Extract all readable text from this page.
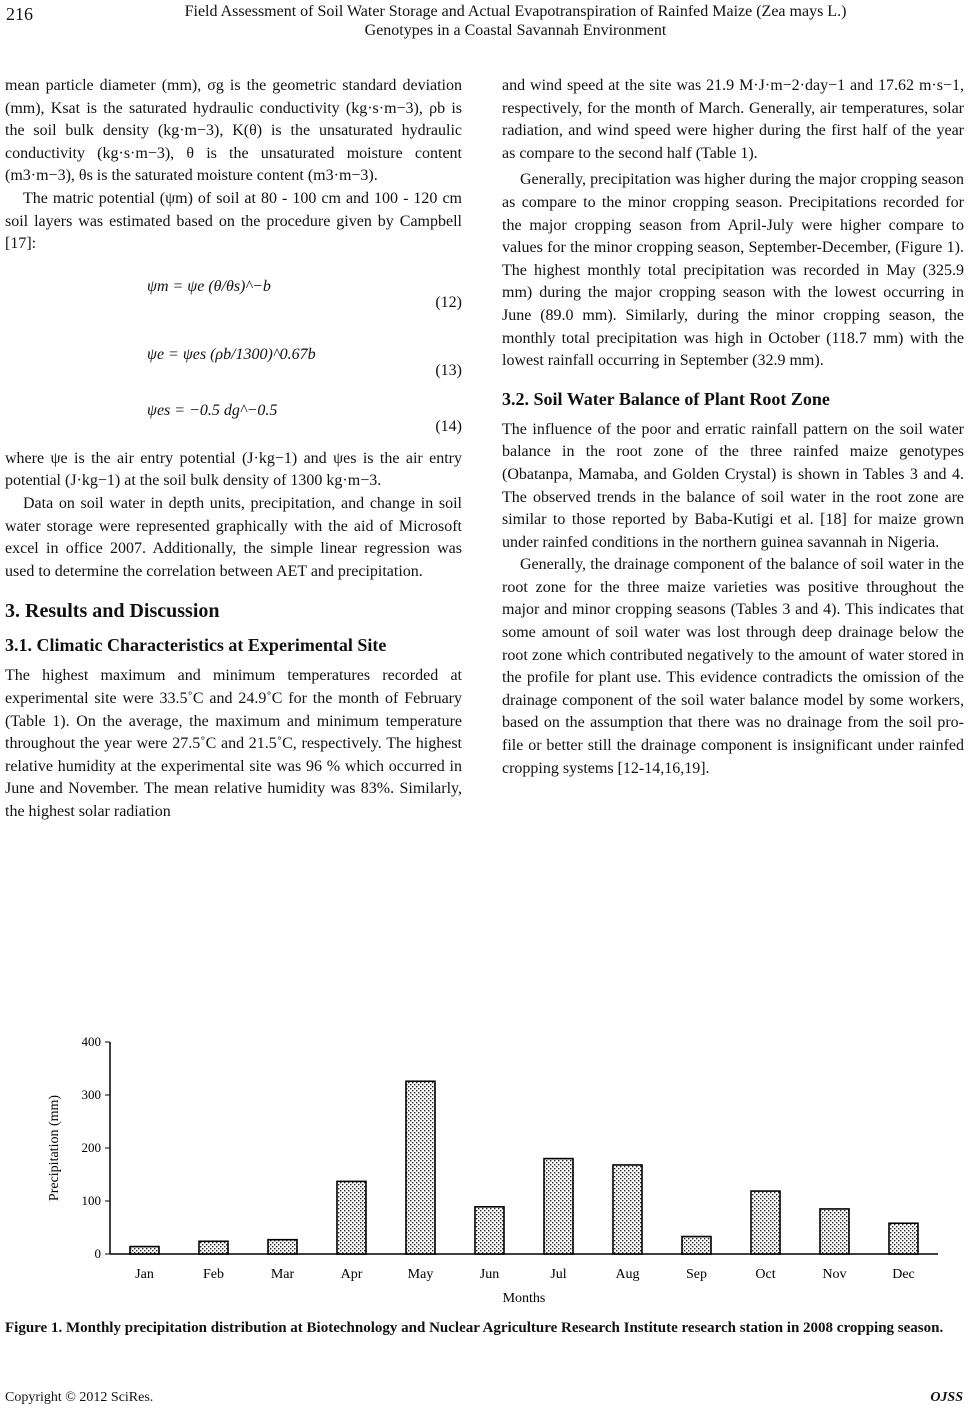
216	Field Assessment of Soil Water Storage and Actual Evapotranspiration of Rainfed Maize (Zea mays L.)
Genotypes in a Coastal Savannah Environment

mean particle diameter (mm), σg is the geometric standard deviation (mm), Ksat is the saturated hydraulic conductivity (kg·s·m−3), ρb is the soil bulk density (kg·m−3), K(θ) is the unsaturated hydraulic conductivity (kg·s·m−3), θ is the unsaturated moisture content (m3·m−3), θs is the saturated moisture content (m3·m−3).

The matric potential (ψm) of soil at 80 - 100 cm and 100 - 120 cm soil layers was estimated based on the procedure given by Campbell [17]:

ψm = ψe (θ/θs)^−b
(12)
ψe = ψes (ρb/1300)^0.67b
(13)
ψes = −0.5 dg^−0.5
(14)

where ψe is the air entry potential (J·kg−1) and ψes is the air entry potential (J·kg−1) at the soil bulk density of 1300 kg·m−3.

Data on soil water in depth units, precipitation, and change in soil water storage were represented graphically with the aid of Microsoft excel in office 2007. Additionally, the simple linear regression was used to determine the correlation between AET and precipitation.

3. Results and Discussion
3.1. Climatic Characteristics at Experimental Site

The highest maximum and minimum temperatures recorded at experimental site were 33.5˚C and 24.9˚C for the month of February (Table 1). On the average, the maximum and minimum temperature throughout the year were 27.5˚C and 21.5˚C, respectively. The highest relative humidity at the experimental site was 96 % which occurred in June and November. The mean relative humidity was 83%. Similarly, the highest solar radiation

and wind speed at the site was 21.9 M·J·m−2·day−1 and 17.62 m·s−1, respectively, for the month of March. Generally, air temperatures, solar radiation, and wind speed were higher during the first half of the year as compare to the second half (Table 1).

Generally, precipitation was higher during the major cropping season as compare to the minor cropping season. Precipitations recorded for the major cropping season from April-July were higher compare to values for the minor cropping season, September-December, (Figure 1). The highest monthly total precipitation was recorded in May (325.9 mm) during the major cropping season with the lowest occurring in June (89.0 mm). Similarly, during the minor cropping season, the monthly total precipitation was high in October (118.7 mm) with the lowest rainfall occurring in September (32.9 mm).

3.2. Soil Water Balance of Plant Root Zone

The influence of the poor and erratic rainfall pattern on the soil water balance in the root zone of the three rainfed maize genotypes (Obatanpa, Mamaba, and Golden Crystal) is shown in Tables 3 and 4. The observed trends in the balance of soil water in the root zone are similar to those reported by Baba-Kutigi et al. [18] for maize grown under rainfed conditions in the northern guinea savannah in Nigeria.

Generally, the drainage component of the balance of soil water in the root zone for the three maize varieties was positive throughout the major and minor cropping seasons (Tables 3 and 4). This indicates that some amount of soil water was lost through deep drainage below the root zone which contributed negatively to the amount of water stored in the profile for plant use. This evidence contradicts the omission of the drainage component of the soil water balance model by some workers, based on the assumption that there was no drainage from the soil pro- file or better still the drainage component is insignificant under rainfed cropping systems [12-14,16,19].

0
100
200
300
400
Jan	Feb	Mar	Apr	May	Jun	Jul	Aug	Sep	Oct	Nov	Dec
Months
Precipitation (mm)
Figure 1. Monthly precipitation distribution at Biotechnology and Nuclear Agriculture Research Institute research station in 2008 cropping season.
Copyright © 2012 SciRes.	OJSS
